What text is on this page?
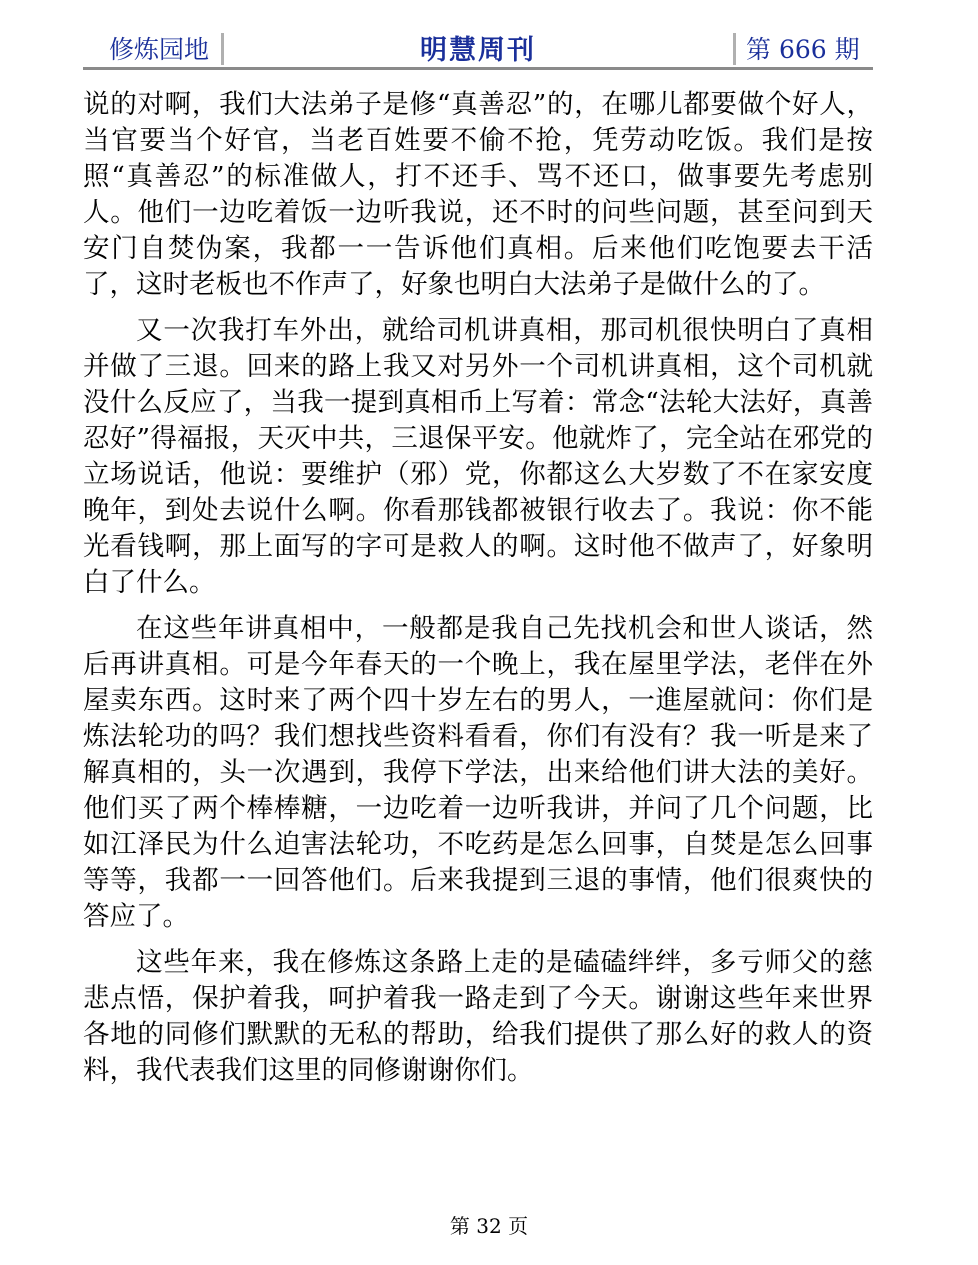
修炼园地	明慧周刊	第 666 期

说的对啊，我们大法弟子是修“真善忍”的，在哪儿都要做个好人，当官要当个好官，当老百姓要不偷不抢，凭劳动吃饭。我们是按照“真善忍”的标准做人，打不还手、骂不还口，做事要先考虑别人。他们一边吃着饭一边听我说，还不时的问些问题，甚至问到天安门自焚伪案，我都一一告诉他们真相。后来他们吃饱要去干活了，这时老板也不作声了，好象也明白大法弟子是做什么的了。

又一次我打车外出，就给司机讲真相，那司机很快明白了真相并做了三退。回来的路上我又对另外一个司机讲真相，这个司机就没什么反应了，当我一提到真相币上写着：常念“法轮大法好，真善忍好”得福报，天灭中共，三退保平安。他就炸了，完全站在邪党的立场说话，他说：要维护（邪）党，你都这么大岁数了不在家安度晚年，到处去说什么啊。你看那钱都被银行收去了。我说：你不能光看钱啊，那上面写的字可是救人的啊。这时他不做声了，好象明白了什么。

在这些年讲真相中，一般都是我自己先找机会和世人谈话，然后再讲真相。可是今年春天的一个晚上，我在屋里学法，老伴在外屋卖东西。这时来了两个四十岁左右的男人，一進屋就问：你们是炼法轮功的吗？我们想找些资料看看，你们有没有？我一听是来了解真相的，头一次遇到，我停下学法，出来给他们讲大法的美好。他们买了两个棒棒糖，一边吃着一边听我讲，并问了几个问题，比如江泽民为什么迫害法轮功，不吃药是怎么回事，自焚是怎么回事等等，我都一一回答他们。后来我提到三退的事情，他们很爽快的答应了。

这些年来，我在修炼这条路上走的是磕磕绊绊，多亏师父的慈悲点悟，保护着我，呵护着我一路走到了今天。谢谢这些年来世界各地的同修们默默的无私的帮助，给我们提供了那么好的救人的资料，我代表我们这里的同修谢谢你们。

第 32 页
